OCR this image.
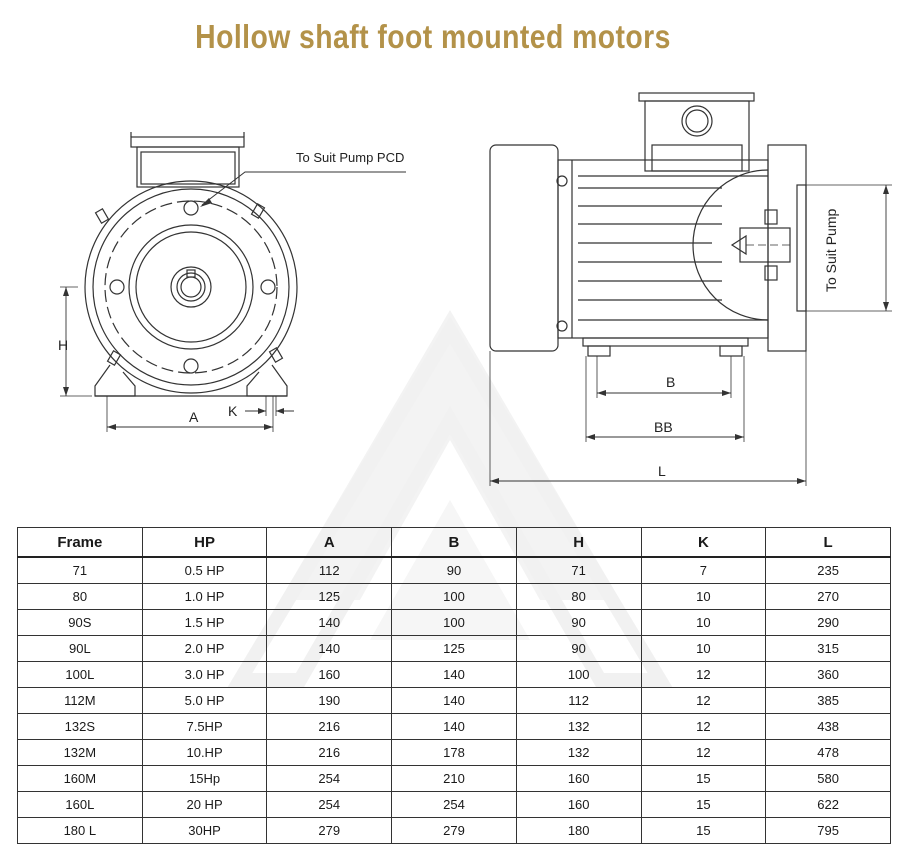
Hollow shaft foot mounted motors
To Suit Pump PCD
H
A K
B
BB
L
To Suit Pump
Frame	HP	A	B	H	K	L
71	0.5 HP	112	90	71	7	235
80	1.0 HP	125	100	80	10	270
90S	1.5 HP	140	100	90	10	290
90L	2.0 HP	140	125	90	10	315
100L	3.0 HP	160	140	100	12	360
112M	5.0 HP	190	140	112	12	385
132S	7.5HP	216	140	132	12	438
132M	10.HP	216	178	132	12	478
160M	15Hp	254	210	160	15	580
160L	20 HP	254	254	160	15	622
180 L	30HP	279	279	180	15	795
